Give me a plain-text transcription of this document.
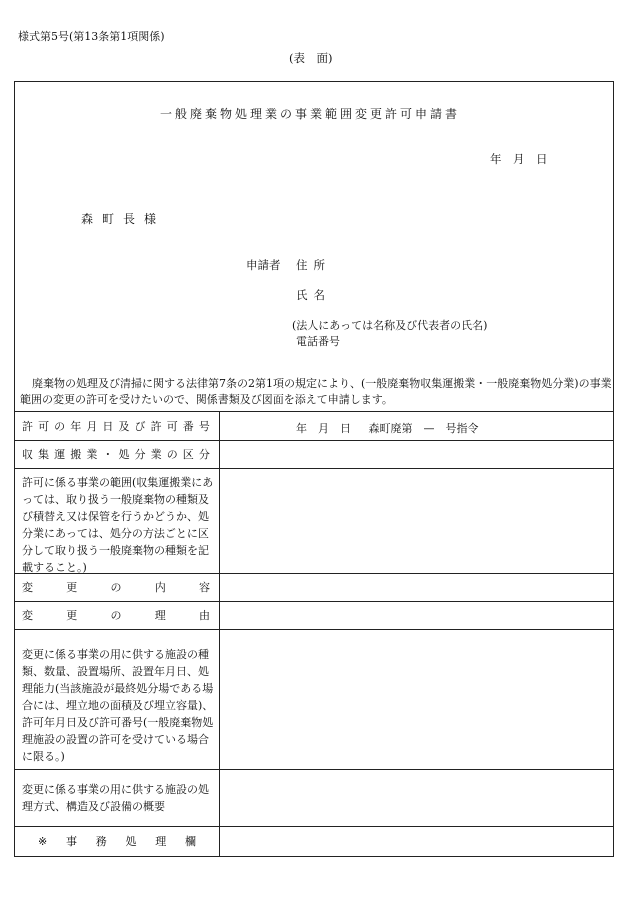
様式第5号(第13条第1項関係)
(表　面)
一般廃棄物処理業の事業範囲変更許可申請書
年　月　日
森町長様
申請者 住所
氏名
(法人にあっては名称及び代表者の氏名)
電話番号
廃棄物の処理及び清掃に関する法律第7条の2第1項の規定により、(一般廃棄物収集運搬業・一般廃棄物処分業)の事業範囲の変更の許可を受けたいので、関係書類及び図面を添えて申請します。
許 可 の 年 月 日 及 び 許 可 番 号	年　月　日 森町廃第　—　号指令
収 集 運 搬 業 ・ 処 分 業 の 区 分
許可に係る事業の範囲(収集運搬業にあっては、取り扱う一般廃棄物の種類及び積替え又は保管を行うかどうか、処分業にあっては、処分の方法ごとに区分して取り扱う一般廃棄物の種類を記載すること。)
変	更	の	内	容
変	更	の	理	由
変更に係る事業の用に供する施設の種類、数量、設置場所、設置年月日、処理能力(当該施設が最終処分場である場合には、埋立地の面積及び埋立容量)、許可年月日及び許可番号(一般廃棄物処理施設の設置の許可を受けている場合に限る。)
変更に係る事業の用に供する施設の処理方式、構造及び設備の概要
※ 事 務 処 理 欄
